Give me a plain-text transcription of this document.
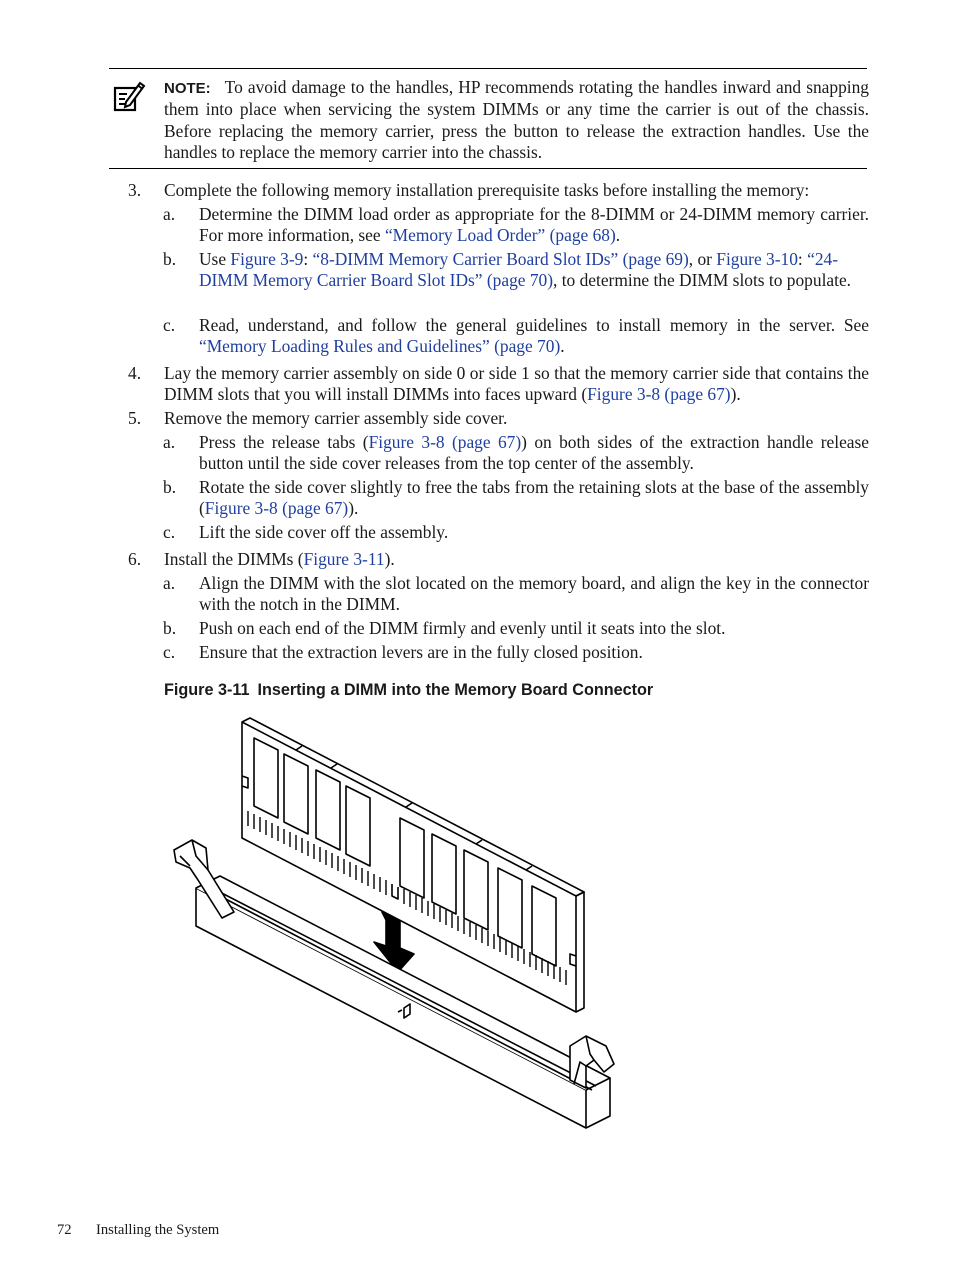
NOTE: To avoid damage to the handles, HP recommends rotating the handles inward and snapping them into place when servicing the system DIMMs or any time the carrier is out of the chassis. Before replacing the memory carrier, press the button to release the extraction handles. Use the handles to replace the memory carrier into the chassis.
3. Complete the following memory installation prerequisite tasks before installing the memory:
a. Determine the DIMM load order as appropriate for the 8-DIMM or 24-DIMM memory carrier. For more information, see “Memory Load Order” (page 68).
b. Use Figure 3-9: “8-DIMM Memory Carrier Board Slot IDs” (page 69), or Figure 3-10: “24-DIMM Memory Carrier Board Slot IDs” (page 70), to determine the DIMM slots to populate.
c. Read, understand, and follow the general guidelines to install memory in the server. See “Memory Loading Rules and Guidelines” (page 70).
4. Lay the memory carrier assembly on side 0 or side 1 so that the memory carrier side that contains the DIMM slots that you will install DIMMs into faces upward (Figure 3-8 (page 67)).
5. Remove the memory carrier assembly side cover.
a. Press the release tabs (Figure 3-8 (page 67)) on both sides of the extraction handle release button until the side cover releases from the top center of the assembly.
b. Rotate the side cover slightly to free the tabs from the retaining slots at the base of the assembly (Figure 3-8 (page 67)).
c. Lift the side cover off the assembly.
6. Install the DIMMs (Figure 3-11).
a. Align the DIMM with the slot located on the memory board, and align the key in the connector with the notch in the DIMM.
b. Push on each end of the DIMM firmly and evenly until it seats into the slot.
c. Ensure that the extraction levers are in the fully closed position.
Figure 3-11 Inserting a DIMM into the Memory Board Connector
72 Installing the System
